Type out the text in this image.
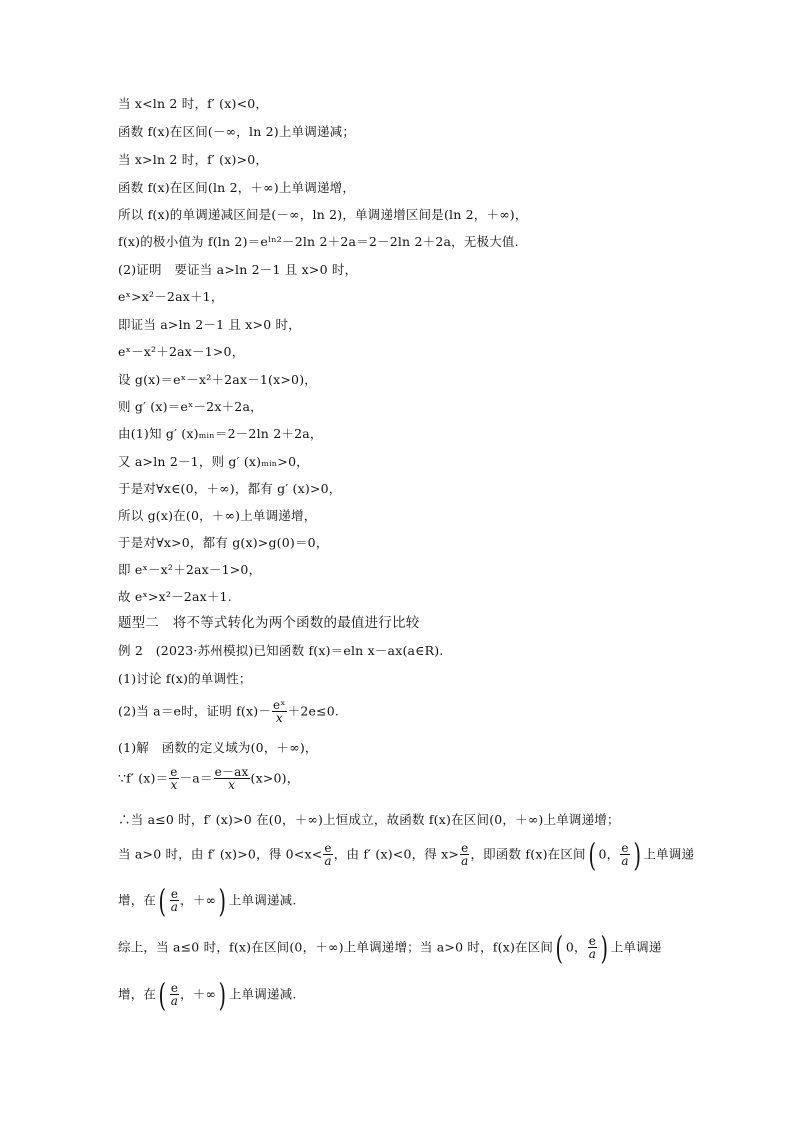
当 x<ln 2 时，f′ (x)<0，
函数 f(x)在区间(－∞，ln 2)上单调递减；
当 x>ln 2 时，f′ (x)>0，
函数 f(x)在区间(ln 2，＋∞)上单调递增，
所以 f(x)的单调递减区间是(－∞，ln 2)，单调递增区间是(ln 2，＋∞)，
f(x)的极小值为 f(ln 2)＝eˡⁿ²－2ln 2＋2a＝2－2ln 2＋2a，无极大值.
(2)证明　要证当 a>ln 2－1 且 x>0 时，
eˣ>x²－2ax＋1，
即证当 a>ln 2－1 且 x>0 时，
eˣ－x²＋2ax－1>0，
设 g(x)＝eˣ－x²＋2ax－1(x>0)，
则 g′ (x)＝eˣ－2x＋2a，
由(1)知 g′ (x)ₘᵢₙ＝2－2ln 2＋2a，
又 a>ln 2－1，则 g′ (x)ₘᵢₙ>0，
于是对∀x∈(0，＋∞)，都有 g′ (x)>0，
所以 g(x)在(0，＋∞)上单调递增，
于是对∀x>0，都有 g(x)>g(0)＝0，
即 eˣ－x²＋2ax－1>0，
故 eˣ>x²－2ax＋1.
题型二　将不等式转化为两个函数的最值进行比较
例 2　(2023·苏州模拟)已知函数 f(x)＝eln x－ax(a∈R).
(1)讨论 f(x)的单调性；
(2)当 a＝e时，证明 $f(x)- \frac{\text{eˣ}}{x} +2e\le 0$.
(1)解　函数的定义域为(0，＋∞)，
∵f′ $(x)= \frac{e}{x} -a= \frac{e-ax}{x} (x>0)$，
∴当 a≤0 时，f′ (x)>0 在(0，＋∞)上恒成立，故函数 f(x)在区间(0，＋∞)上单调递增；
当 a>0 时，由 f′ (x)>0，得 $0<x< \frac{e}{a}$ ，由 f′ (x)<0，得 $x> \frac{e}{a}$ ，即函数 f(x)在区间( 0， $\frac{e}{a}$ ) 上单调递
增，在( $\frac{e}{a}$ ，＋∞) 上单调递减.
综上，当 a≤0 时，f(x)在区间(0，＋∞)上单调递增；当 a>0 时，f(x)在区间( 0， $\frac{e}{a}$ ) 上单调递
增，在( $\frac{e}{a}$ ，＋∞) 上单调递减.
